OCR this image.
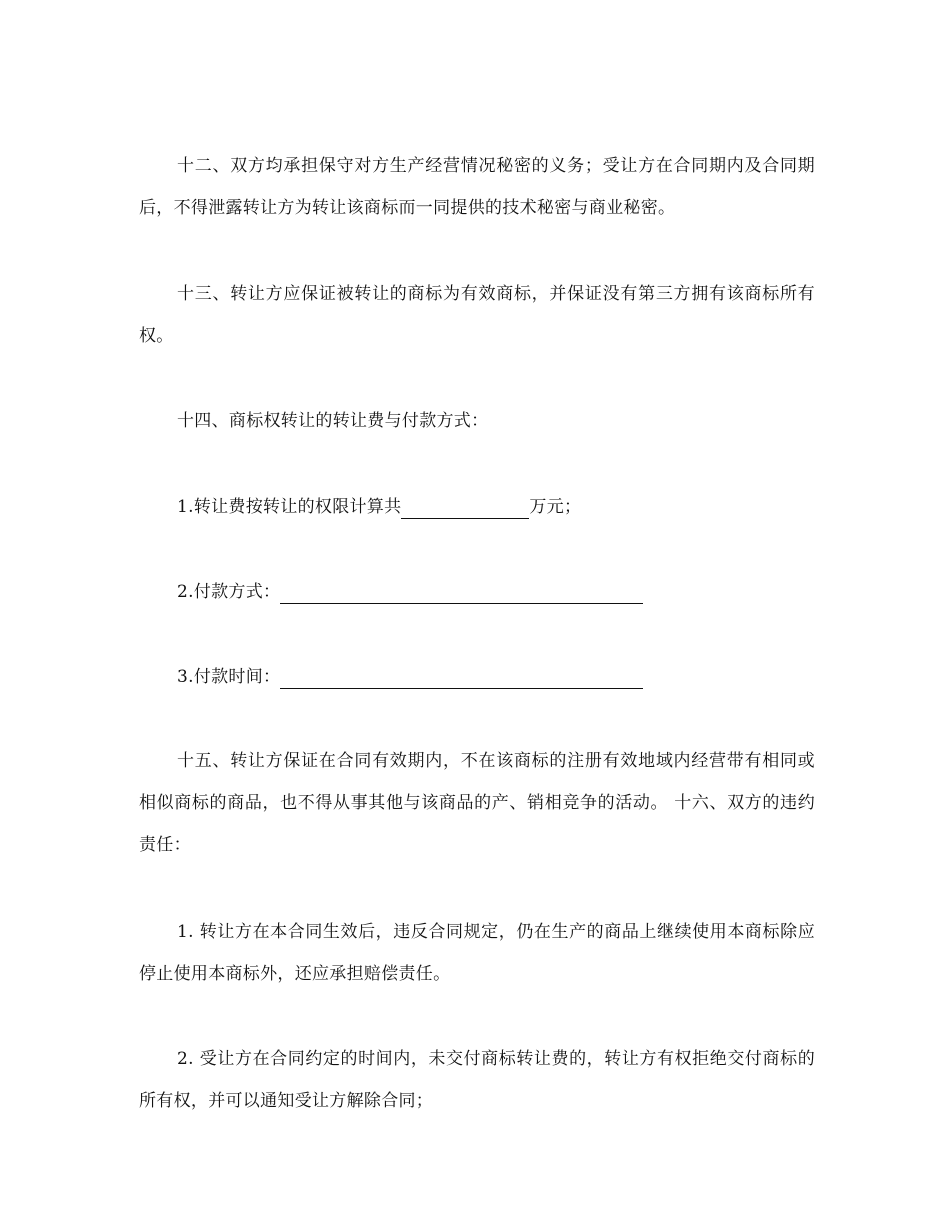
十二、双方均承担保守对方生产经营情况秘密的义务；受让方在合同期内及合同期后，不得泄露转让方为转让该商标而一同提供的技术秘密与商业秘密。

十三、转让方应保证被转让的商标为有效商标，并保证没有第三方拥有该商标所有权。

十四、商标权转让的转让费与付款方式：

1.转让费按转让的权限计算共	万元；

2.付款方式：

3.付款时间：

十五、转让方保证在合同有效期内，不在该商标的注册有效地域内经营带有相同或相似商标的商品，也不得从事其他与该商品的产、销相竞争的活动。 十六、双方的违约责任：

1. 转让方在本合同生效后，违反合同规定，仍在生产的商品上继续使用本商标除应停止使用本商标外，还应承担赔偿责任。

2. 受让方在合同约定的时间内，未交付商标转让费的，转让方有权拒绝交付商标的所有权，并可以通知受让方解除合同；
